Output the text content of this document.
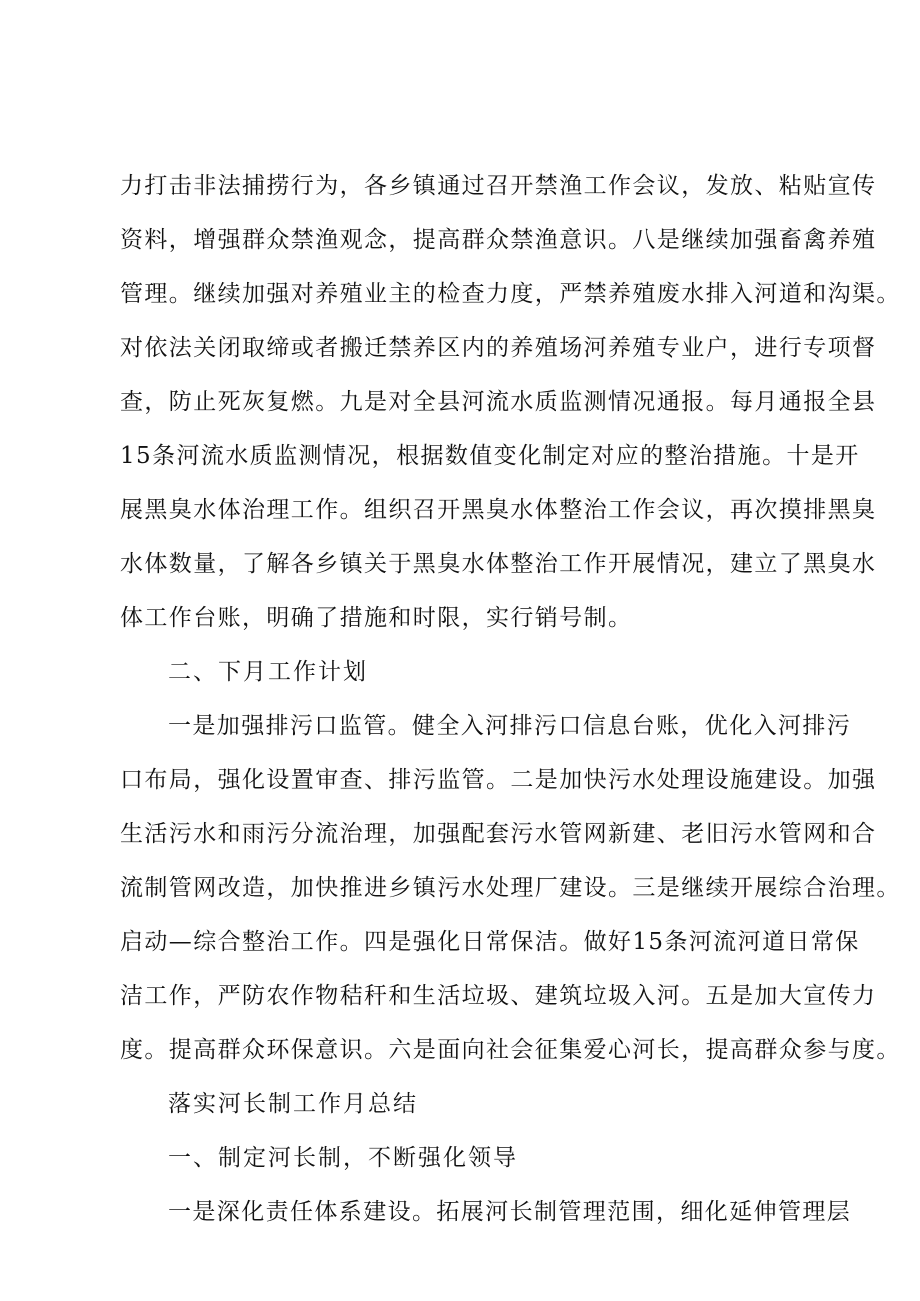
力打击非法捕捞行为，各乡镇通过召开禁渔工作会议，发放、粘贴宣传
资料，增强群众禁渔观念，提高群众禁渔意识。八是继续加强畜禽养殖
管理。继续加强对养殖业主的检查力度，严禁养殖废水排入河道和沟渠。
对依法关闭取缔或者搬迁禁养区内的养殖场河养殖专业户，进行专项督
查，防止死灰复燃。九是对全县河流水质监测情况通报。每月通报全县
15条河流水质监测情况，根据数值变化制定对应的整治措施。十是开
展黑臭水体治理工作。组织召开黑臭水体整治工作会议，再次摸排黑臭
水体数量，了解各乡镇关于黑臭水体整治工作开展情况，建立了黑臭水
体工作台账，明确了措施和时限，实行销号制。
二、下月工作计划
一是加强排污口监管。健全入河排污口信息台账，优化入河排污
口布局，强化设置审查、排污监管。二是加快污水处理设施建设。加强
生活污水和雨污分流治理，加强配套污水管网新建、老旧污水管网和合
流制管网改造，加快推进乡镇污水处理厂建设。三是继续开展综合治理。
启动—综合整治工作。四是强化日常保洁。做好15条河流河道日常保
洁工作，严防农作物秸秆和生活垃圾、建筑垃圾入河。五是加大宣传力
度。提高群众环保意识。六是面向社会征集爱心河长，提高群众参与度。
落实河长制工作月总结
一、制定河长制，不断强化领导
一是深化责任体系建设。拓展河长制管理范围，细化延伸管理层
